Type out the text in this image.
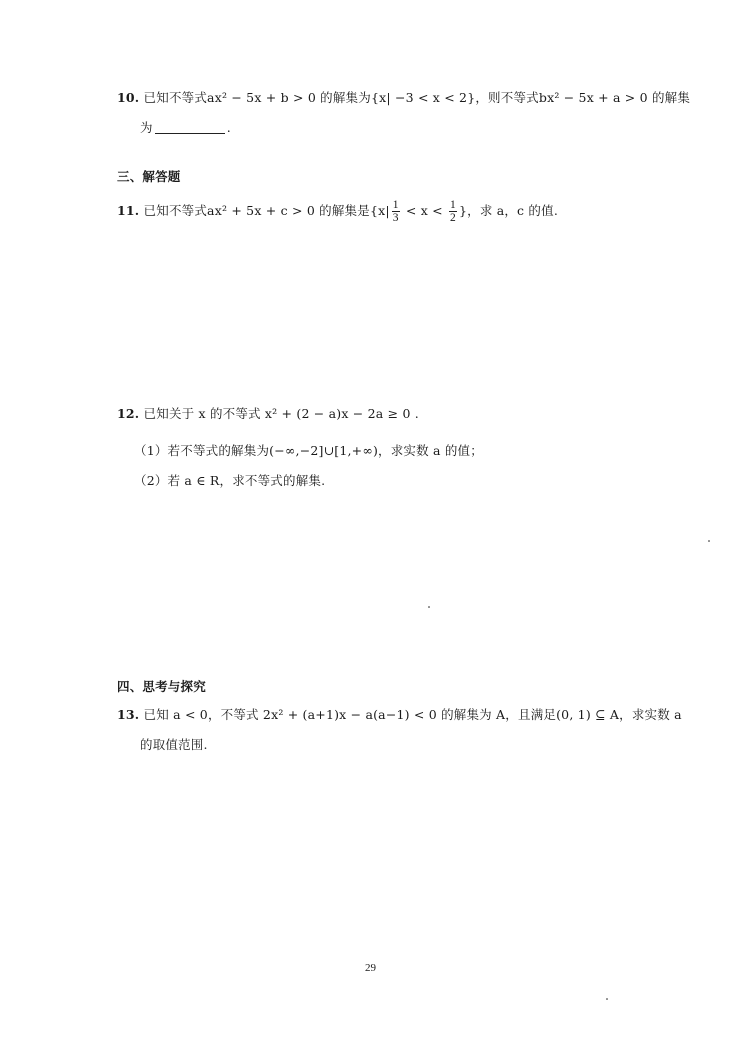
10. 已知不等式ax² − 5x + b > 0 的解集为{x| −3 < x < 2}，则不等式bx² − 5x + a > 0 的解集
为	.
三、解答题
11. 已知不等式ax² + 5x + c > 0 的解集是{$x| \frac{1}{3} < x < \frac{1}{2}$ }，求 a，c 的值.
12. 已知关于 x 的不等式 x² + (2 − a)x − 2a ≥ 0 .
（1）若不等式的解集为(−∞,−2]∪[1,+∞)，求实数 a 的值；
（2）若 a ∈ R，求不等式的解集.
四、思考与探究
13. 已知 a < 0，不等式 2x² + (a+1)x − a(a−1) < 0 的解集为 A，且满足(0, 1) ⊆ A，求实数 a
的取值范围.
29
